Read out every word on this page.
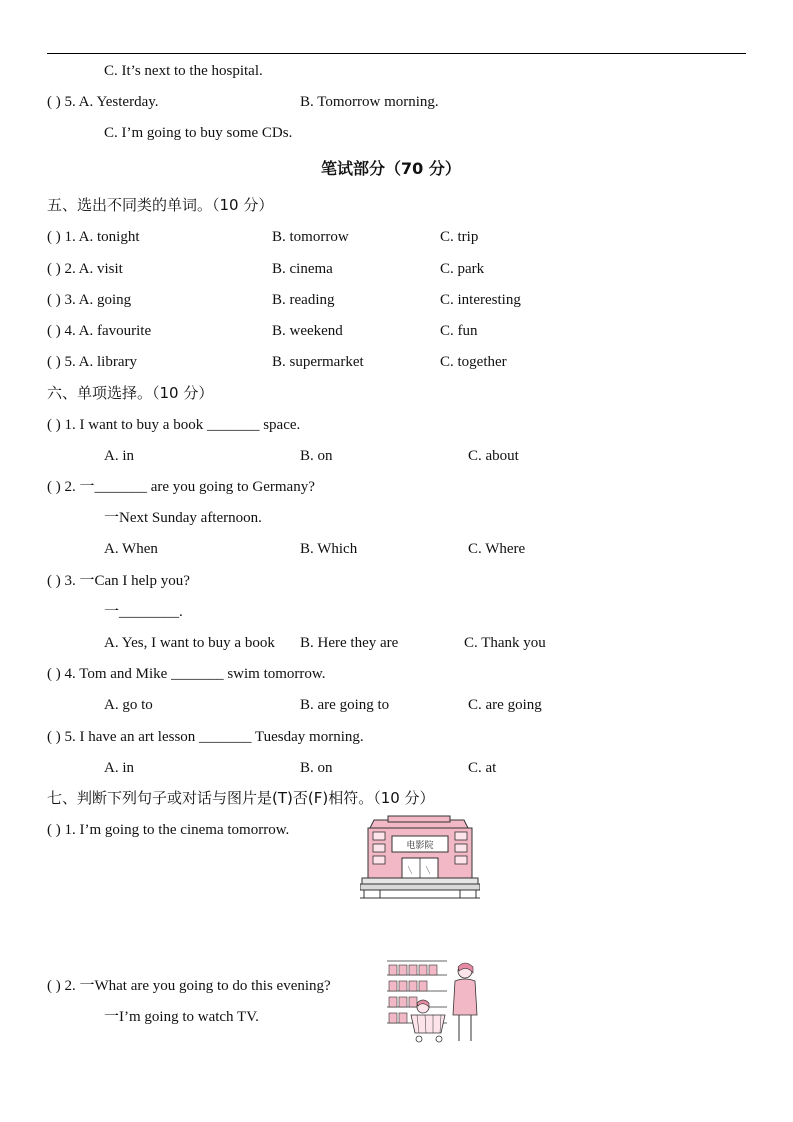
C. It’s next to the hospital.
( ) 5. A. Yesterday.	B. Tomorrow morning.
C. I’m going to buy some CDs.
笔试部分（70 分）
五、选出不同类的单词。（10 分）
( ) 1. A. tonight	B. tomorrow	C. trip
( ) 2. A. visit	B. cinema	C. park
( ) 3. A. going	B. reading	C. interesting
( ) 4. A. favourite	B. weekend	C. fun
( ) 5. A. library	B. supermarket	C. together
六、单项选择。（10 分）
( ) 1. I want to buy a book _______ space.
A. in	B. on	C. about
( ) 2. 一_______ are you going to Germany?
一Next Sunday afternoon.
A. When	B. Which	C. Where
( ) 3. 一Can I help you?
一________.
A. Yes, I want to buy a book B. Here they are	C. Thank you
( ) 4. Tom and Mike _______ swim tomorrow.
A. go to	B. are going to	C. are going
( ) 5. I have an art lesson _______ Tuesday morning.
A. in	B. on	C. at
七、判断下列句子或对话与图片是(T)否(F)相符。（10 分）
( ) 1. I’m going to the cinema tomorrow.
电影院
( ) 2. 一What are you going to do this evening?
一I’m going to watch TV.
